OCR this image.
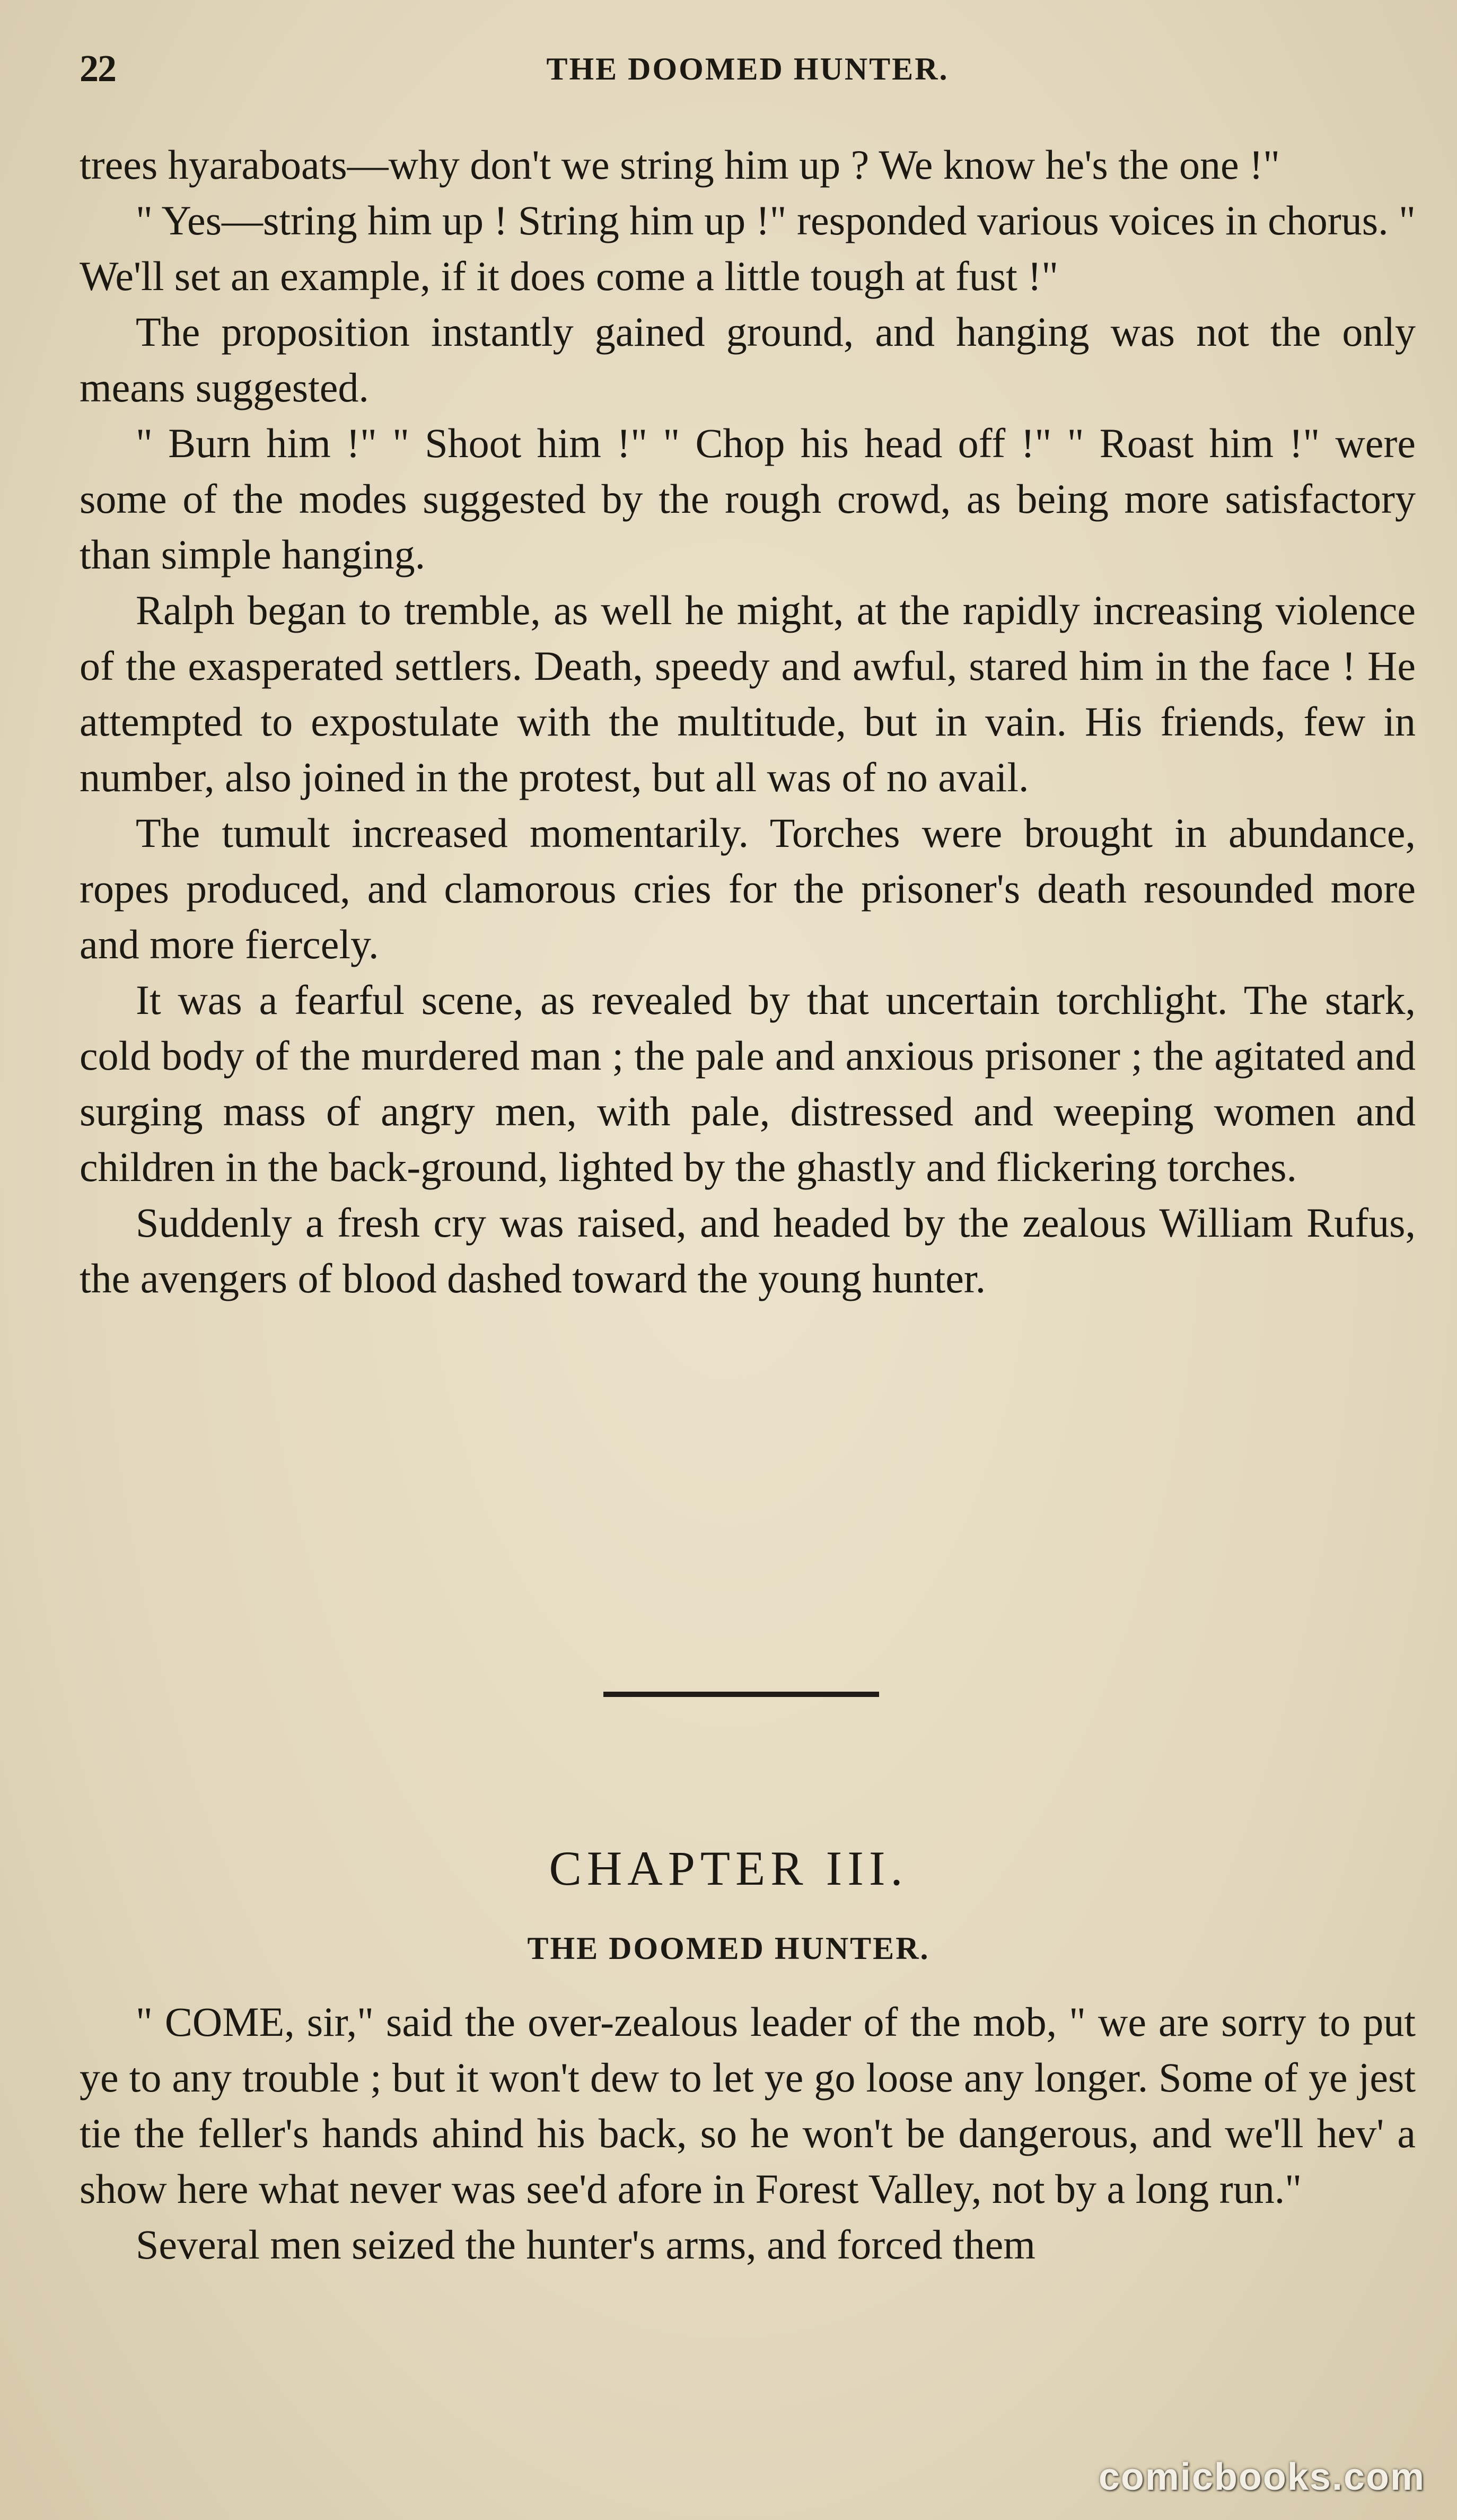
22	THE DOOMED HUNTER.

trees hyaraboats—why don't we string him up ? We know he's the one !"

" Yes—string him up ! String him up !" responded various voices in chorus. " We'll set an example, if it does come a little tough at fust !"

The proposition instantly gained ground, and hanging was not the only means suggested.

" Burn him !" " Shoot him !" " Chop his head off !" " Roast him !" were some of the modes suggested by the rough crowd, as being more satisfactory than simple hanging.

Ralph began to tremble, as well he might, at the rapidly increasing violence of the exasperated settlers. Death, speedy and awful, stared him in the face ! He attempted to expostulate with the multitude, but in vain. His friends, few in number, also joined in the protest, but all was of no avail.

The tumult increased momentarily. Torches were brought in abundance, ropes produced, and clamorous cries for the prisoner's death resounded more and more fiercely.

It was a fearful scene, as revealed by that uncertain torchlight. The stark, cold body of the murdered man ; the pale and anxious prisoner ; the agitated and surging mass of angry men, with pale, distressed and weeping women and children in the back-ground, lighted by the ghastly and flickering torches.

Suddenly a fresh cry was raised, and headed by the zealous William Rufus, the avengers of blood dashed toward the young hunter.

CHAPTER III.
THE DOOMED HUNTER.

" COME, sir," said the over-zealous leader of the mob, " we are sorry to put ye to any trouble ; but it won't dew to let ye go loose any longer. Some of ye jest tie the feller's hands ahind his back, so he won't be dangerous, and we'll hev' a show here what never was see'd afore in Forest Valley, not by a long run."

Several men seized the hunter's arms, and forced them

comicbooks.com
